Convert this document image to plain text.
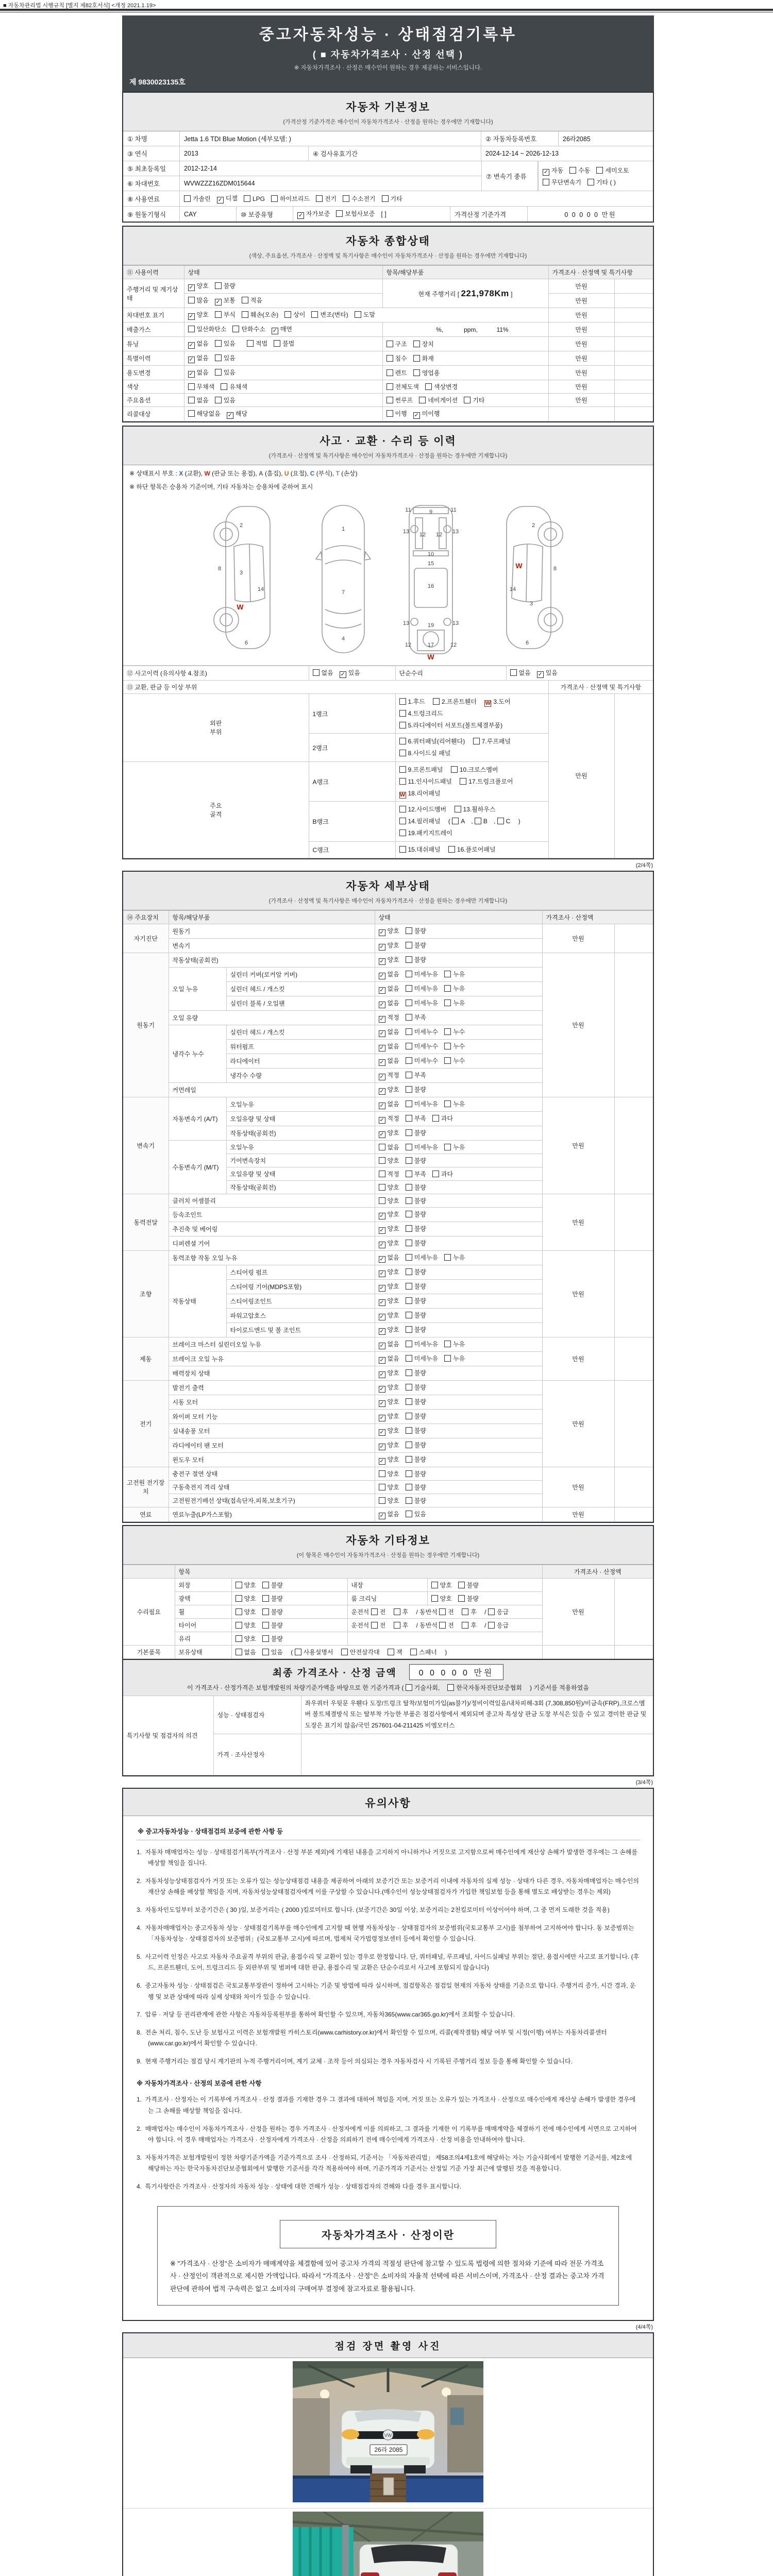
■ 자동차관리법 시행규칙 [별지 제82호서식] <개정 2021.1.19>
중고자동차성능 · 상태점검기록부
( ■ 자동차가격조사 · 산정 선택 )
※ 자동차가격조사 · 산정은 매수인이 원하는 경우 제공하는 서비스입니다.
제 9830023135호
자동차 기본정보
(가격산정 기준가격은 매수인이 자동차가격조사 · 산정을 원하는 경우에만 기재합니다)
① 차명	Jetta 1.6 TDI Blue Motion (세부모델: )	② 자동차등록번호	26라2085
③ 연식	2013	④ 검사유효기간	2024-12-14 ~ 2026-12-13
⑤ 최초등록일	2012-12-14
⑥ 차대번호	WVWZZZ16ZDM015644
⑦ 변속기 종류
✓자동 수동 세미오토
무단변속기 기타 ( )
⑧ 사용연료	가솔린 ✓	디젤	LPG	하이브리드	전기	수소전기	기타
⑨ 원동기형식	CAY	⑩ 보증유형 ✓	자가보증 보험사보증 [ ]	가격산정 기준가격	0 0 0 0 0 만원
자동차 종합상태
(색상, 주요옵션, 가격조사 · 산정액 및 특기사항은 매수인이 자동차가격조사 · 산정을 원하는 경우에만 기재합니다)
⑪ 사용이력	상태	항목/해당부품	가격조사 · 산정액 및 특기사항	
주행거리 및 계기상태	✓양호 불량	현재 주행거리 [ 221,978Km ]	만원	
	많음 ✓ 보통 적음		만원	
차대번호 표기	✓양호 부식 훼손(오손) 상이 변조(변타) 도말		만원	
배출가스	일산화탄소 탄화수소 ✓ 매연	%,            ppm,           11%	만원	
튜닝	✓없음 있음 적법 불법	구조 장치	만원	
특별이력	✓없음 있음	침수 화재	만원	
용도변경	✓없음 있음	렌트 영업용	만원	
색상	무채색 유채색	전체도색 색상변경	만원	
주요옵션	없음 있음	썬루프 네비게이션 기타	만원	
리콜대상	해당없음 ✓ 해당	이행 ✓ 미이행		
사고 · 교환 · 수리 등 이력
(가격조사 · 산정액 및 특기사항은 매수인이 자동차가격조사 · 산정을 원하는 경우에만 기재합니다)
※ 상태표시 부호 : X (교환), W (판금 또는 용접), A (흠집), U (요철), C (부식), T (손상)
※ 하단 항목은 승용차 기준이며, 기타 자동차는 승용차에 준하여 표시
2
8
3
14
W
6
1
7
4
11	11
9
13	13
12 12
10
15
16
13	13
19
12	12
17
W
2
W	8
14
3
6
⑫ 사고이력 (유의사항 4.참조)	없음 ✓ 있음	단순수리	없음 ✓ 있음
⑬ 교환, 판금 등 이상 부위				가격조사 · 산정액 및 특기사항	
외판
부위	1랭크	1.후드 2.프론트휀더 W 3.도어 4.트렁크리드 5.라디에이터 서포트(볼트체결부품)		만원	
	2랭크	6.쿼터패널(리어휀다) 7.루프패널 8.사이드실 패널			
주요
골격	A랭크	9.프론트패널 10.크로스멤버 11.인사이드패널 17.트렁크플로어 W 18.리어패널			
	B랭크	12.사이드멤버 13.휠하우스 14.필러패널 ( A , B , C ) 19.패키지트레이			
	C랭크	15.대쉬패널 16.플로어패널			
(2/4쪽)
자동차 세부상태
(가격조사 · 산정액 및 특기사항은 매수인이 자동차가격조사 · 산정을 원하는 경우에만 기재합니다)
⑭ 주요장치	항목/해당부품		상태	가격조사 · 산정액	
자기진단	원동기	✓양호 불량	만원	
	변속기	✓양호 불량
원동기	작동상태(공회전)	✓양호 불량	만원	
	오일 누유	실린더 커버(로커암 커버)	✓없음 미세누유 누유
		실린더 헤드 / 개스킷	✓없음 미세누유 누유
		실린더 블록 / 오일팬	✓없음 미세누유 누유
	오일 유량	✓적정 부족
	냉각수 누수	실린더 헤드 / 개스킷	✓없음 미세누수 누수
		워터펌프	✓없음 미세누수 누수
		라디에이터	✓없음 미세누수 누수
		냉각수 수량	✓적정 부족
	커먼레일	✓양호 불량
변속기	자동변속기 (A/T)	오일누유	✓없음 미세누유 누유	만원	
		오일유량 및 상태	✓적정 부족 과다
		작동상태(공회전)	✓양호 불량
	수동변속기 (M/T)	오일누유	없음 미세누유 누유		
		기어변속장치	양호 불량		
		오일유량 및 상태	적정 부족 과다		
		작동상태(공회전)	양호 불량		
동력전달	클러치 어셈블리		양호 불량	만원	
	등속조인트	✓양호 불량
	추진축 및 베어링	✓양호 불량
	디퍼렌셜 기어	✓양호 불량
조향	동력조향 작동 오일 누유	✓없음 미세누유 누유	만원	
	작동상태	스티어링 펌프	✓양호 불량
		스티어링 기어(MDPS포함)	✓양호 불량
		스티어링조인트	✓양호 불량
		파워고압호스	✓양호 불량
		타이로드엔드 및 볼 조인트	✓양호 불량
제동	브레이크 마스터 실린더오일 누유	✓없음 미세누유 누유	만원	
	브레이크 오일 누유	✓없음 미세누유 누유
	배력장치 상태	✓양호 불량
전기	발전기 출력	✓양호 불량	만원	
	시동 모터	✓양호 불량
	와이퍼 모터 기능	✓양호 불량
	실내송풍 모터	✓양호 불량
	라디에이터 팬 모터	✓양호 불량
	윈도우 모터	✓양호 불량
고전원 전기장치	충전구 절연 상태		양호 불량	만원	
	구동축전지 격리 상태		양호 불량		
	고전원전기배선 상태(접속단자,피복,보호기구)		양호 불량		
연료	연료누출(LP가스포함)	✓없음 있음	만원	
자동차 기타정보
(이 항목은 매수인이 자동차가격조사 · 산정을 원하는 경우에만 기재합니다)
	항목				가격조사 · 산정액	
수리필요	외장	양호 불량	내장	양호 불량	만원	
	광택	양호 불량	룸 크리닝	양호 불량		
	휠	양호 불량	운전석 전 후 / 동반석 전 후 / 응급			
	타이어	양호 불량	운전석 전 후 / 동반석 전 후 / 응급			
	유리	양호 불량				
기본품목	보유상태	없음 있음 ( 사용설명서 안전삼각대 잭 스패너 )				
최종 가격조사 · 산정 금액	0 0 0 0 0 만원
이 가격조사 · 산정가격은 보험개발원의 차량기준가액을 바탕으로 한 기준가격과 ( 기술사회,	한국자동차진단보증협회 ) 기준서를 적용하였음
특기사항 및 점검자의 의견	성능 · 상태점검자	좌우쿼터 우뒷문 우휀다 도장/트렁크 탈착/보험미가입(as불가)/정비이력있음/내차피해-3회 (7,308,850원)/비금속(FRP),크로스멤버 볼트체결방식 또는 탈부착 가능한 부품은 점검사항에서 제외되며 중고차 특성상 판금 도장 부식은 있을 수 있고 경미한 판금 및 도장은 표기치 않음/국민 257601-04-211425 비엠모터스
	가격 · 조사산정자	
(3/4쪽)
유의사항
※ 중고자동차성능 · 상태점검의 보증에 관한 사항 등
1.  자동차 매매업자는 성능 · 상태점검기록부(가격조사 · 산정 부분 제외)에 기재된 내용을 고지하지 아니하거나 거짓으로 고지함으로써 매수인에게 재산상 손해가 발생한 경우에는 그 손해를 배상할 책임을 집니다.
2.  자동차성능상태점검자가 거짓 또는 오류가 있는 성능상태점검 내용을 제공하여 아래의 보증기간 또는 보증거리 이내에 자동차의 실제 성능 · 상태가 다른 경우, 자동차매매업자는 매수인의 재산상 손해를 배상할 책임을 지며, 자동차성능상태점검자에게 이를 구상할 수 있습니다.(매수인이 성능상태점검자가 가입한 책임보험 등을 통해 별도로 배상받는 경우는 제외)
3.  자동차인도일부터 보증기간은 ( 30 )일, 보증거리는 ( 2000 )킬로미터로 합니다. (보증기간은 30일 이상, 보증거리는 2천킬로미터 이상이어야 하며, 그 중 먼저 도래한 것을 적용)
4.  자동차매매업자는 중고자동차 성능 · 상태점검기록부를 매수인에게 고지할 때 현행 자동차성능 · 상태점검자의 보증범위(국토교통부 고시)를 첨부하여 고지하여야 합니다. 동 보증범위는 「자동차성능 · 상태점검자의 보증범위」(국토교통부 고시)에 따르며, 법제처 국가법령정보센터 등에서 확인할 수 있습니다.
5.  사고이력 인정은 사고로 자동차 주요골격 부위의 판금, 용접수리 및 교환이 있는 경우로 한정합니다. 단, 쿼터패널, 루프패널, 사이드실패널 부위는 절단, 용접시에만 사고로 표기합니다. (후드, 프론트휀더, 도어, 트렁크리드 등 외판부위 및 범퍼에 대한 판금, 용접수리 및 교환은 단순수리로서 사고에 포함되지 않습니다)
6.  중고자동차 성능 · 상태점검은 국토교통부장관이 정하여 고시하는 기준 및 방법에 따라 실시하며, 점검항목은 점검일 현재의 자동차 상태를 기준으로 합니다. 주행거리 증가, 시간 경과, 운행 및 보관 상태에 따라 실제 상태와 차이가 있을 수 있습니다.
7.  압류 · 저당 등 권리관계에 관한 사항은 자동차등록원부를 통하여 확인할 수 있으며, 자동차365(www.car365.go.kr)에서 조회할 수 있습니다.
8.  전손 처리, 침수, 도난 등 보험사고 이력은 보험개발원 카히스토리(www.carhistory.or.kr)에서 확인할 수 있으며, 리콜(제작결함) 해당 여부 및 시정(이행) 여부는 자동차리콜센터(www.car.go.kr)에서 확인할 수 있습니다.
9.  현재 주행거리는 점검 당시 계기판의 누적 주행거리이며, 계기 교체 · 조작 등이 의심되는 경우 자동차검사 시 기록된 주행거리 정보 등을 통해 확인할 수 있습니다.
※ 자동차가격조사 · 산정의 보증에 관한 사항
1.  가격조사 · 산정자는 이 기록부에 가격조사 · 산정 결과를 기재한 경우 그 결과에 대하여 책임을 지며, 거짓 또는 오류가 있는 가격조사 · 산정으로 매수인에게 재산상 손해가 발생한 경우에는 그 손해를 배상할 책임을 집니다.
2.  매매업자는 매수인이 자동차가격조사 · 산정을 원하는 경우 가격조사 · 산정자에게 이를 의뢰하고, 그 결과를 기재한 이 기록부를 매매계약을 체결하기 전에 매수인에게 서면으로 고지하여야 합니다. 이 경우 매매업자는 가격조사 · 산정자에게 가격조사 · 산정을 의뢰하기 전에 매수인에게 가격조사 · 산정 비용을 안내하여야 합니다.
3.  자동차가격은 보험개발원이 정한 차량기준가액을 기준가격으로 조사 · 산정하되, 기준서는 「자동차관리법」 제58조의4제1호에 해당하는 자는 기술사회에서 발행한 기준서를, 제2호에 해당하는 자는 한국자동차진단보증협회에서 발행한 기준서를 각각 적용하여야 하며, 기준가격과 기준서는 산정일 기준 가장 최근에 발행된 것을 적용합니다.
4.  특기사항란은 가격조사 · 산정자의 자동차 성능 · 상태에 대한 견해가 성능 · 상태점검자의 견해와 다를 경우 표시합니다.
자동차가격조사 · 산정이란
※ "가격조사 · 산정"은 소비자가 매매계약을 체결함에 있어 중고차 가격의 적절성 판단에 참고할 수 있도록 법령에 의한 절차와 기준에 따라 전문 가격조사 · 산정인이 객관적으로 제시한 가액입니다. 따라서 "가격조사 · 산정"은 소비자의 자율적 선택에 따른 서비스이며, 가격조사 · 산정 결과는 중고차 가격판단에 관하여 법적 구속력은 없고 소비자의 구매여부 결정에 참고자료로 활용됩니다.
(4/4쪽)
점검 장면 촬영 사진
VW
26라 2085
